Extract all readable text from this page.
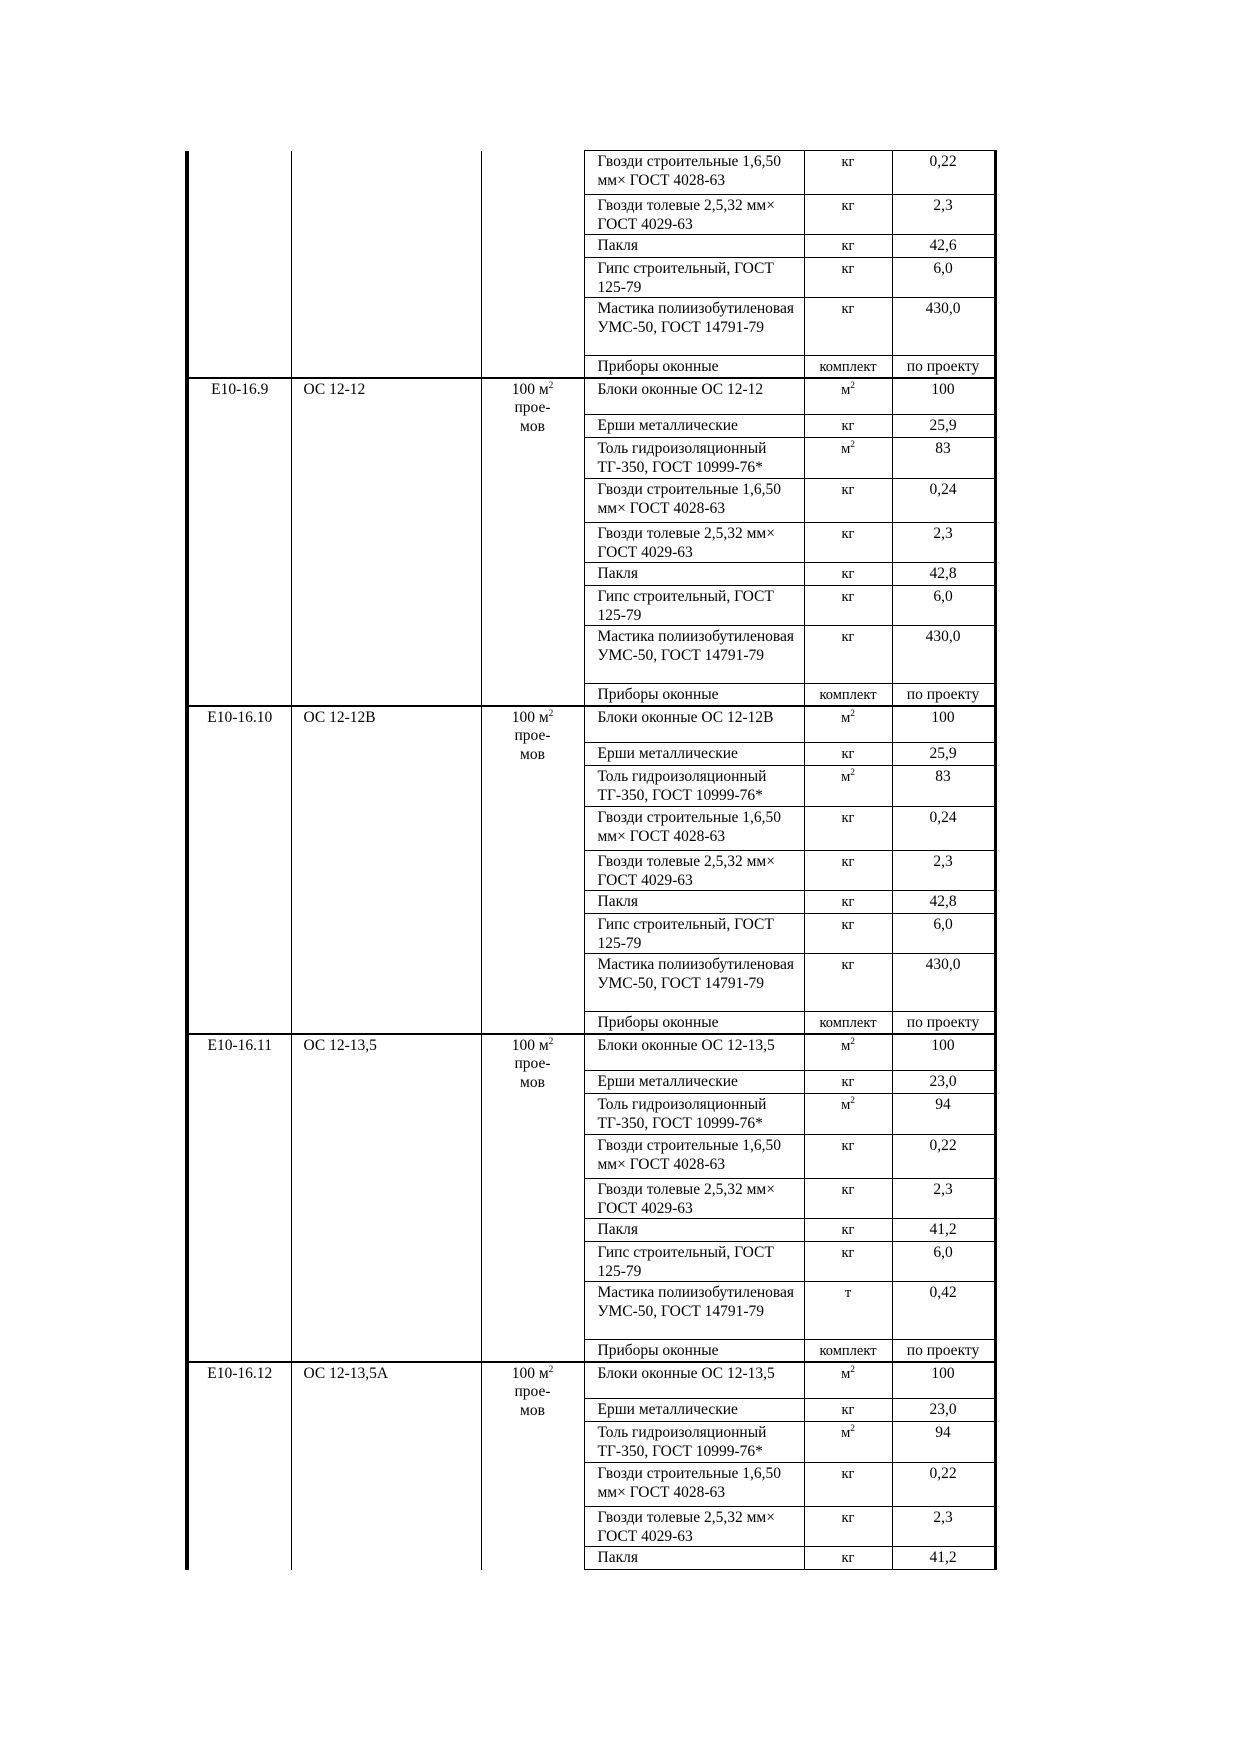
			Гвозди строительные 1,6,50 мм× ГОСТ 4028-63	кг	0,22
			Гвозди толевые 2,5,32 мм× ГОСТ 4029-63	кг	2,3
			Пакля	кг	42,6
			Гипс строительный, ГОСТ 125-79	кг	6,0
			Мастика полиизобутиленовая УМС-50, ГОСТ 14791-79	кг	430,0
			Приборы оконные	комплект	по проекту
Е10-16.9	ОС 12-12	100 $м^2$ прое-мов	Блоки оконные ОС 12-12	$м^2$	100
			Ерши металлические	кг	25,9
			Толь гидроизоляционный ТГ-350, ГОСТ 10999-76*	$м^2$	83
			Гвозди строительные 1,6,50 мм× ГОСТ 4028-63	кг	0,24
			Гвозди толевые 2,5,32 мм× ГОСТ 4029-63	кг	2,3
			Пакля	кг	42,8
			Гипс строительный, ГОСТ 125-79	кг	6,0
			Мастика полиизобутиленовая УМС-50, ГОСТ 14791-79	кг	430,0
			Приборы оконные	комплект	по проекту
Е10-16.10	ОС 12-12В	100 $м^2$ прое-мов	Блоки оконные ОС 12-12В	$м^2$	100
			Ерши металлические	кг	25,9
			Толь гидроизоляционный ТГ-350, ГОСТ 10999-76*	$м^2$	83
			Гвозди строительные 1,6,50 мм× ГОСТ 4028-63	кг	0,24
			Гвозди толевые 2,5,32 мм× ГОСТ 4029-63	кг	2,3
			Пакля	кг	42,8
			Гипс строительный, ГОСТ 125-79	кг	6,0
			Мастика полиизобутиленовая УМС-50, ГОСТ 14791-79	кг	430,0
			Приборы оконные	комплект	по проекту
Е10-16.11	ОС 12-13,5	100 $м^2$ прое-мов	Блоки оконные ОС 12-13,5	$м^2$	100
			Ерши металлические	кг	23,0
			Толь гидроизоляционный ТГ-350, ГОСТ 10999-76*	$м^2$	94
			Гвозди строительные 1,6,50 мм× ГОСТ 4028-63	кг	0,22
			Гвозди толевые 2,5,32 мм× ГОСТ 4029-63	кг	2,3
			Пакля	кг	41,2
			Гипс строительный, ГОСТ 125-79	кг	6,0
			Мастика полиизобутиленовая УМС-50, ГОСТ 14791-79	т	0,42
			Приборы оконные	комплект	по проекту
Е10-16.12	ОС 12-13,5А	100 $м^2$ прое-мов	Блоки оконные ОС 12-13,5	$м^2$	100
			Ерши металлические	кг	23,0
			Толь гидроизоляционный ТГ-350, ГОСТ 10999-76*	$м^2$	94
			Гвозди строительные 1,6,50 мм× ГОСТ 4028-63	кг	0,22
			Гвозди толевые 2,5,32 мм× ГОСТ 4029-63	кг	2,3
			Пакля	кг	41,2
